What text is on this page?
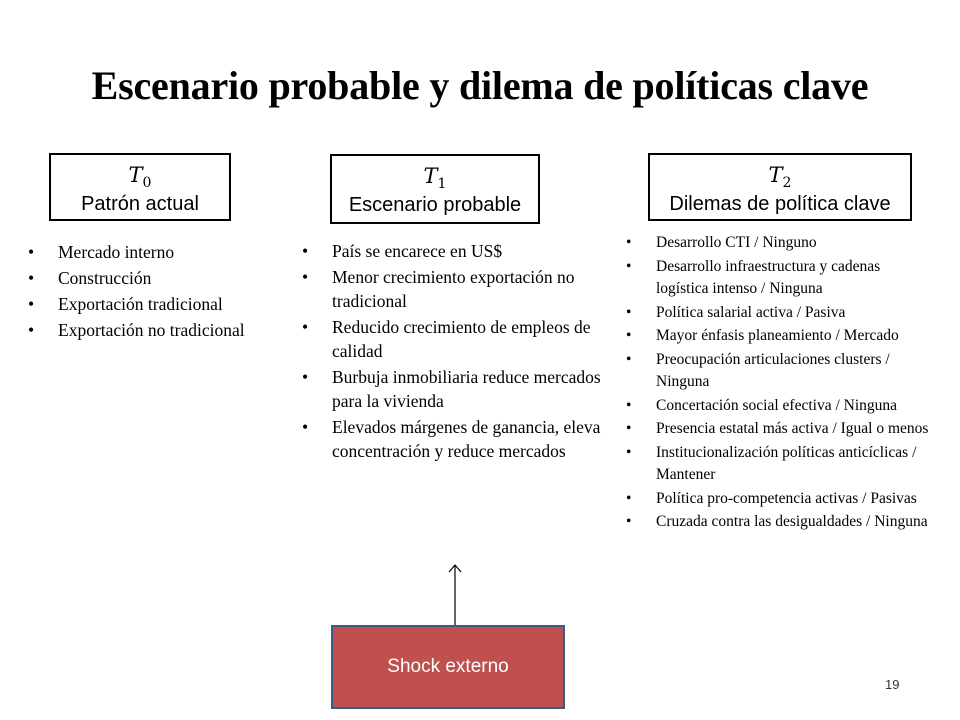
Escenario probable y dilema de políticas clave
$T_0$
Patrón actual
$T_1$
Escenario probable
$T_2$
Dilemas de política clave
• Mercado interno
• Construcción
• Exportación tradicional
• Exportación no tradicional
• País se encarece en US$
• Menor crecimiento exportación no tradicional
• Reducido crecimiento de empleos de calidad
• Burbuja inmobiliaria reduce mercados para la vivienda
• Elevados márgenes de ganancia, eleva concentración y reduce mercados
• Desarrollo CTI / Ninguno
• Desarrollo infraestructura y cadenas logística intenso / Ninguna
• Política salarial activa / Pasiva
• Mayor énfasis planeamiento / Mercado
• Preocupación articulaciones clusters / Ninguna
• Concertación social efectiva / Ninguna
• Presencia estatal más activa / Igual o menos
• Institucionalización políticas anticíclicas / Mantener
• Política pro-competencia activas / Pasivas
• Cruzada contra las desigualdades / Ninguna
Shock externo
19
